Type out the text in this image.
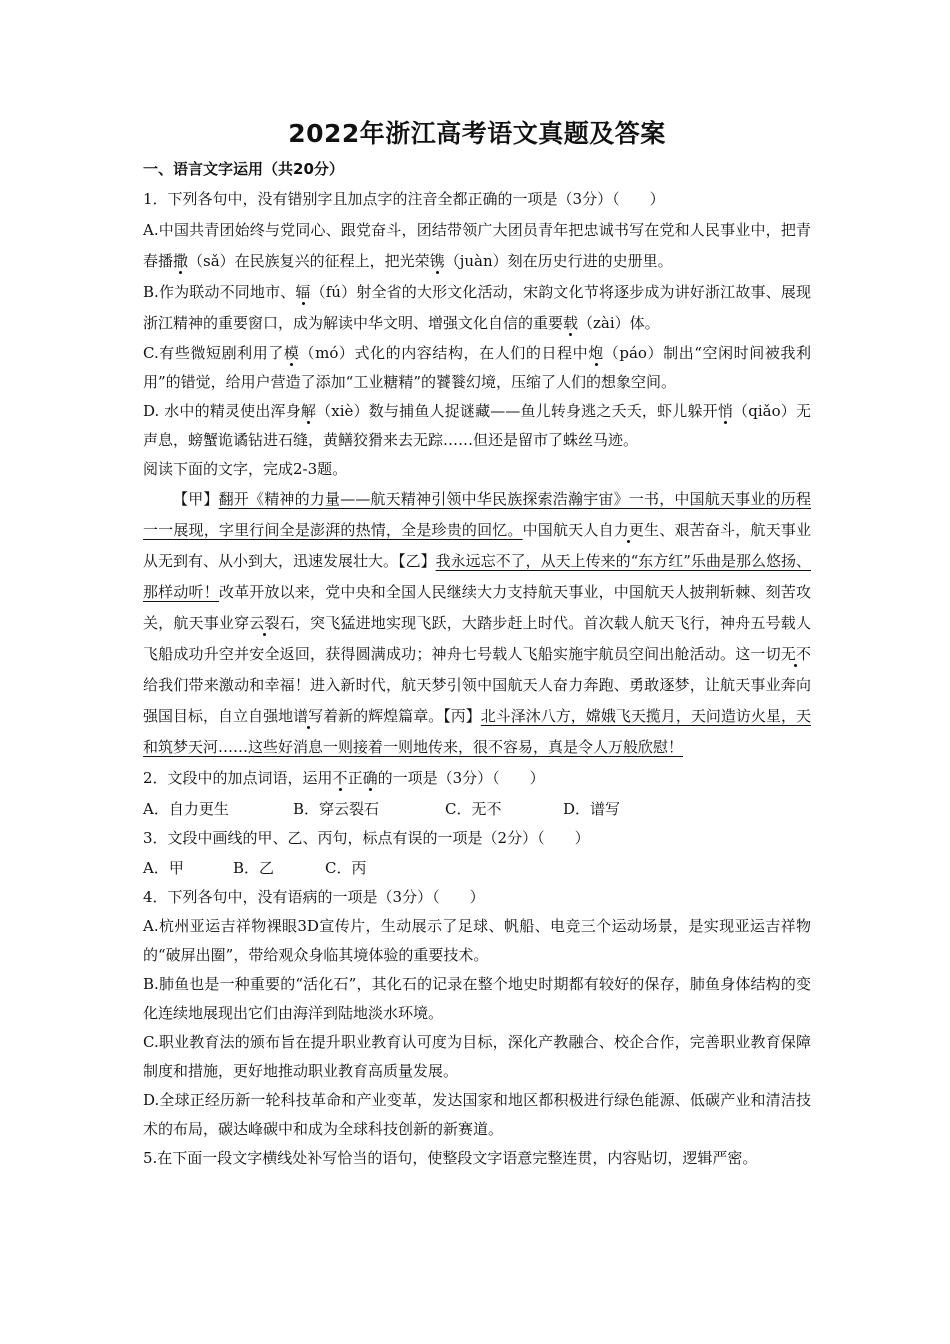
2022年浙江高考语文真题及答案
一、语言文字运用（共20分）

1．下列各句中，没有错别字且加点字的注音全都正确的一项是（3分）（　　）

A.中国共青团始终与党同心、跟党奋斗，团结带领广大团员青年把忠诚书写在党和人民事业中，把青春播撒（sǎ）在民族复兴的征程上，把光荣镌（juàn）刻在历史行进的史册里。

B.作为联动不同地市、辐（fú）射全省的大形文化活动，宋韵文化节将逐步成为讲好浙江故事、展现浙江精神的重要窗口，成为解读中华文明、增强文化自信的重要载（zài）体。

C.有些微短剧利用了模（mó）式化的内容结构，在人们的日程中炮（páo）制出“空闲时间被我利用”的错觉，给用户营造了添加“工业糖精”的饕餮幻境，压缩了人们的想象空间。

D. 水中的精灵使出浑身解（xiè）数与捕鱼人捉谜藏——鱼儿转身逃之夭夭，虾儿躲开悄（qiǎo）无声息，螃蟹诡谲钻进石缝，黄鳝狡猾来去无踪……但还是留市了蛛丝马迹。

阅读下面的文字，完成2-3题。

【甲】翻开《精神的力量——航天精神引领中华民族探索浩瀚宇宙》一书，中国航天事业的历程一一展现，字里行间全是澎湃的热情，全是珍贵的回忆。中国航天人自力更生、艰苦奋斗，航天事业从无到有、从小到大，迅速发展壮大。【乙】我永远忘不了，从天上传来的“东方红”乐曲是那么悠扬、那样动听！改革开放以来，党中央和全国人民继续大力支持航天事业，中国航天人披荆斩棘、刻苦攻关，航天事业穿云裂石，突飞猛进地实现飞跃，大踏步赶上时代。首次载人航天飞行，神舟五号载人飞船成功升空并安全返回，获得圆满成功；神舟七号载人飞船实施宇航员空间出舱活动。这一切无不给我们带来激动和幸福！进入新时代，航天梦引领中国航天人奋力奔跑、勇敢逐梦，让航天事业奔向强国目标，自立自强地谱写着新的辉煌篇章。【丙】北斗泽沐八方，嫦娥飞天揽月，天问造访火星，天和筑梦天河……这些好消息一则接着一则地传来，很不容易，真是令人万般欣慰！

2．文段中的加点词语，运用不正确的一项是（3分）（　　）

A．自力更生	B．穿云裂石	C．无不	D．谱写

3．文段中画线的甲、乙、丙句，标点有误的一项是（2分）（　　）

A．甲	B．乙	C．丙

4．下列各句中，没有语病的一项是（3分）（　　）

A.杭州亚运吉祥物裸眼3D宣传片，生动展示了足球、帆船、电竞三个运动场景，是实现亚运吉祥物的“破屏出圈”，带给观众身临其境体验的重要技术。

B.肺鱼也是一种重要的“活化石”，其化石的记录在整个地史时期都有较好的保存，肺鱼身体结构的变化连续地展现出它们由海洋到陆地淡水环境。

C.职业教育法的颁布旨在提升职业教育认可度为目标，深化产教融合、校企合作，完善职业教育保障制度和措施，更好地推动职业教育高质量发展。

D.全球正经历新一轮科技革命和产业变革，发达国家和地区都积极进行绿色能源、低碳产业和清洁技术的布局，碳达峰碳中和成为全球科技创新的新赛道。

5.在下面一段文字横线处补写恰当的语句，使整段文字语意完整连贯，内容贴切，逻辑严密。
